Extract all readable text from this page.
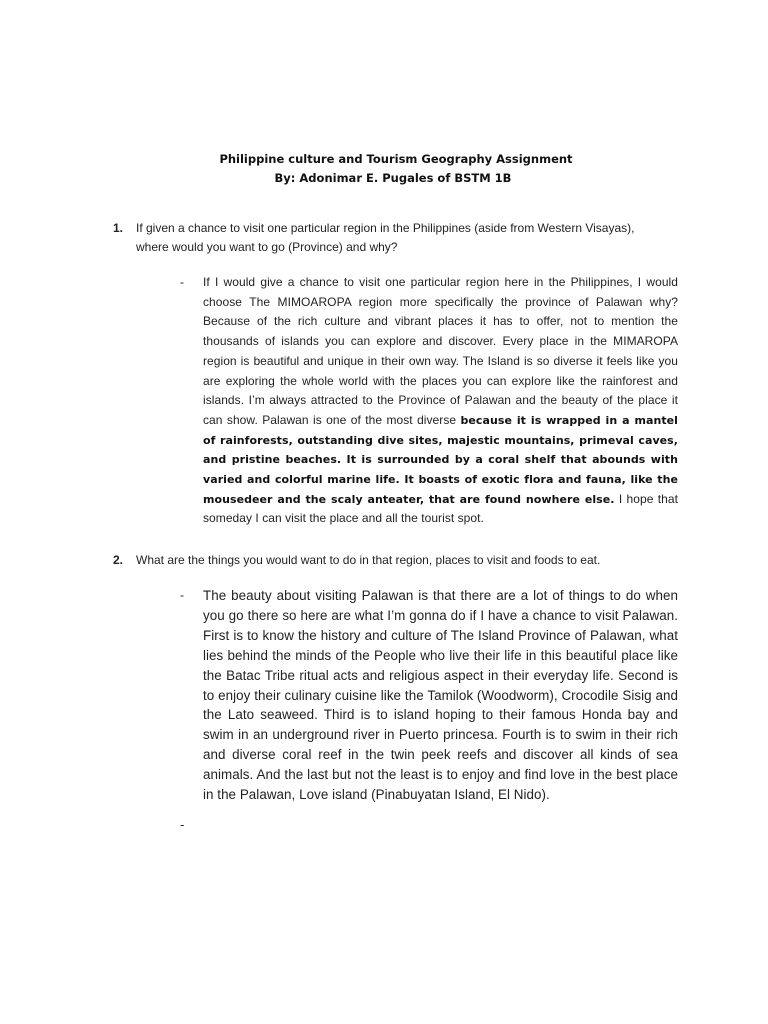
Philippine culture and Tourism Geography Assignment
By: Adonimar E. Pugales of BSTM 1B
1. If given a chance to visit one particular region in the Philippines (aside from Western Visayas), where would you want to go (Province) and why?
- If I would give a chance to visit one particular region here in the Philippines, I would choose The MIMOAROPA region more specifically the province of Palawan why? Because of the rich culture and vibrant places it has to offer, not to mention the thousands of islands you can explore and discover. Every place in the MIMAROPA region is beautiful and unique in their own way. The Island is so diverse it feels like you are exploring the whole world with the places you can explore like the rainforest and islands. I’m always attracted to the Province of Palawan and the beauty of the place it can show. Palawan is one of the most diverse because it is wrapped in a mantel of rainforests, outstanding dive sites, majestic mountains, primeval caves, and pristine beaches. It is surrounded by a coral shelf that abounds with varied and colorful marine life. It boasts of exotic flora and fauna, like the mousedeer and the scaly anteater, that are found nowhere else. I hope that someday I can visit the place and all the tourist spot.
2. What are the things you would want to do in that region, places to visit and foods to eat.
- The beauty about visiting Palawan is that there are a lot of things to do when you go there so here are what I’m gonna do if I have a chance to visit Palawan. First is to know the history and culture of The Island Province of Palawan, what lies behind the minds of the People who live their life in this beautiful place like the Batac Tribe ritual acts and religious aspect in their everyday life. Second is to enjoy their culinary cuisine like the Tamilok (Woodworm), Crocodile Sisig and the Lato seaweed. Third is to island hoping to their famous Honda bay and swim in an underground river in Puerto princesa. Fourth is to swim in their rich and diverse coral reef in the twin peek reefs and discover all kinds of sea animals. And the last but not the least is to enjoy and find love in the best place in the Palawan, Love island (Pinabuyatan Island, El Nido).
-
